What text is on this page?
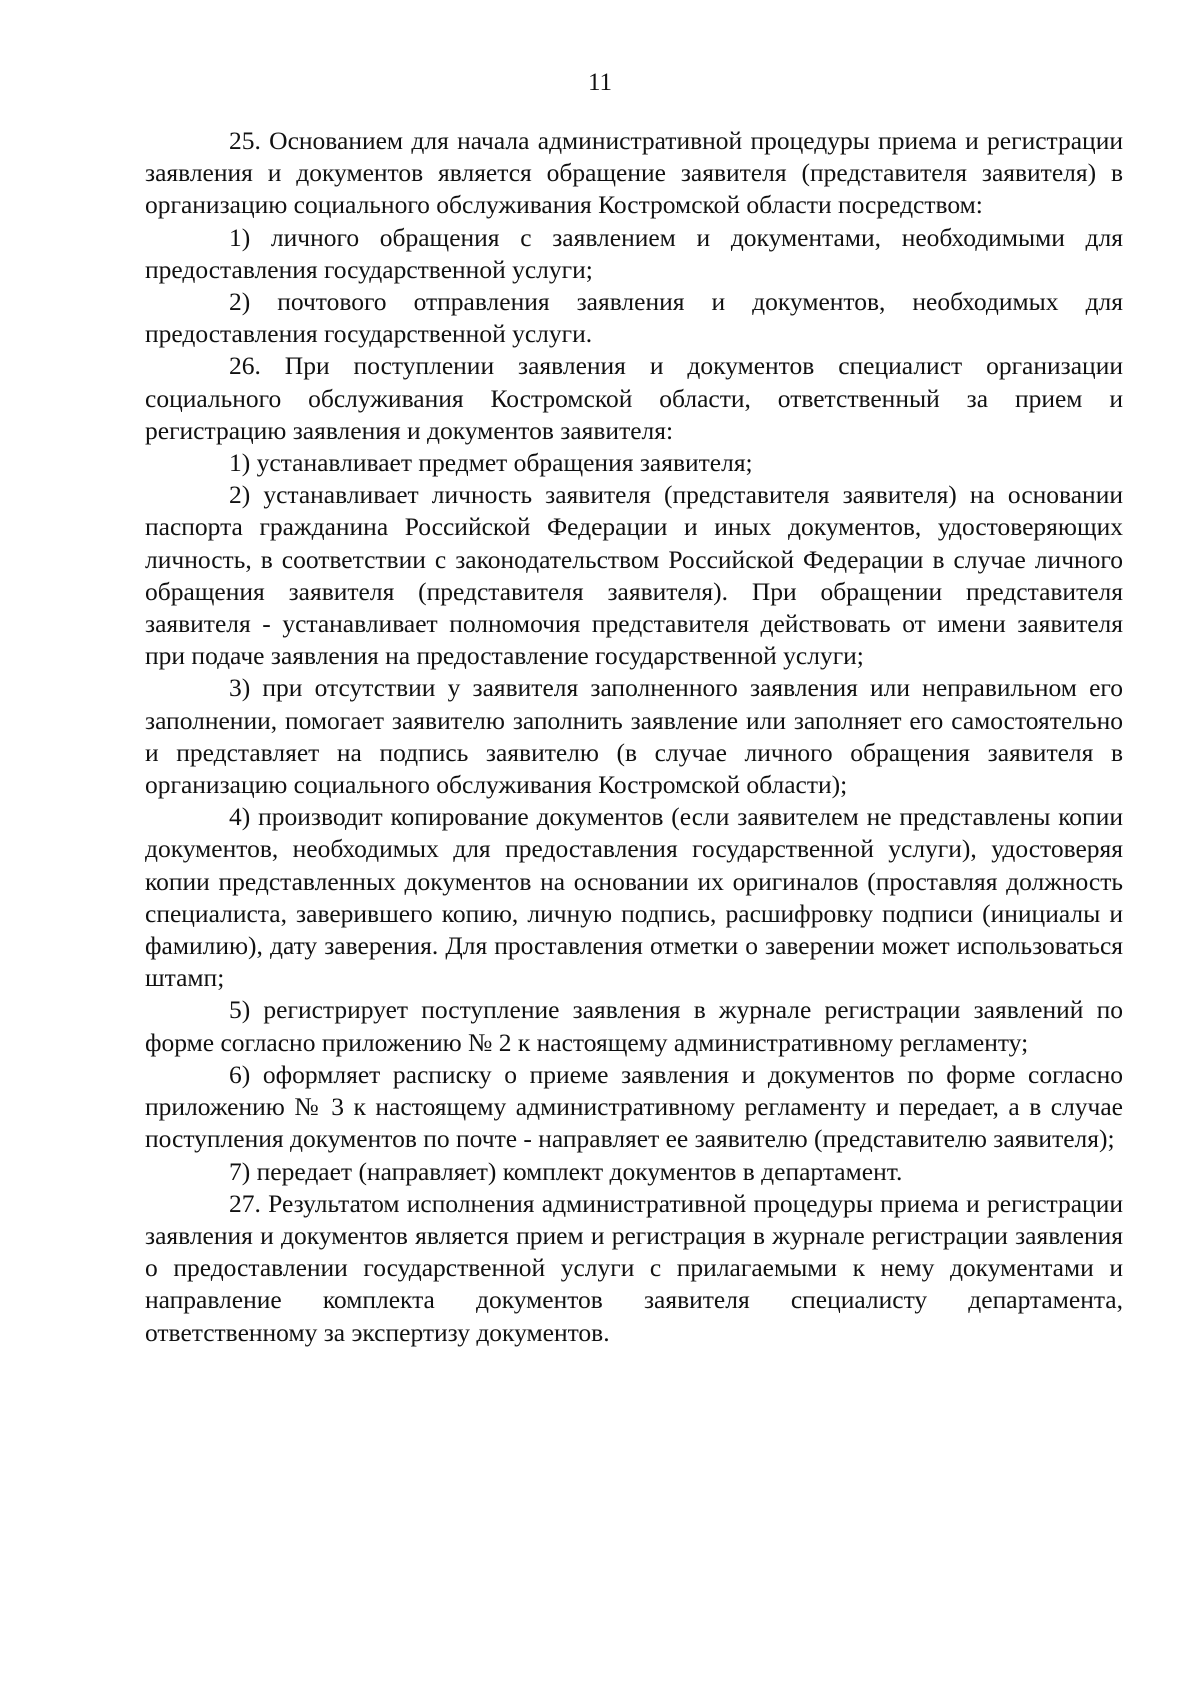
11

25. Основанием для начала административной процедуры приема и регистрации заявления и документов является обращение заявителя (представителя заявителя) в организацию социального обслуживания Костромской области посредством:

1) личного обращения с заявлением и документами, необходимыми для предоставления государственной услуги;

2) почтового отправления заявления и документов, необходимых для предоставления государственной услуги.

26. При поступлении заявления и документов специалист организации социального обслуживания Костромской области, ответственный за прием и регистрацию заявления и документов заявителя:

1) устанавливает предмет обращения заявителя;

2) устанавливает личность заявителя (представителя заявителя) на основании паспорта гражданина Российской Федерации и иных документов, удостоверяющих личность, в соответствии с законодательством Российской Федерации в случае личного обращения заявителя (представителя заявителя). При обращении представителя заявителя - устанавливает полномочия представителя действовать от имени заявителя при подаче заявления на предоставление государственной услуги;

3) при отсутствии у заявителя заполненного заявления или неправильном его заполнении, помогает заявителю заполнить заявление или заполняет его самостоятельно и представляет на подпись заявителю (в случае личного обращения заявителя в организацию социального обслуживания Костромской области);

4) производит копирование документов (если заявителем не представлены копии документов, необходимых для предоставления государственной услуги), удостоверяя копии представленных документов на основании их оригиналов (проставляя должность специалиста, заверившего копию, личную подпись, расшифровку подписи (инициалы и фамилию), дату заверения. Для проставления отметки о заверении может использоваться штамп;

5) регистрирует поступление заявления в журнале регистрации заявлений по форме согласно приложению № 2 к настоящему административному регламенту;

6) оформляет расписку о приеме заявления и документов по форме согласно приложению № 3 к настоящему административному регламенту и передает, а в случае поступления документов по почте - направляет ее заявителю (представителю заявителя);

7) передает (направляет) комплект документов в департамент.

27. Результатом исполнения административной процедуры приема и регистрации заявления и документов является прием и регистрация в журнале регистрации заявления о предоставлении государственной услуги с прилагаемыми к нему документами и направление комплекта документов заявителя специалисту департамента, ответственному за экспертизу документов.
